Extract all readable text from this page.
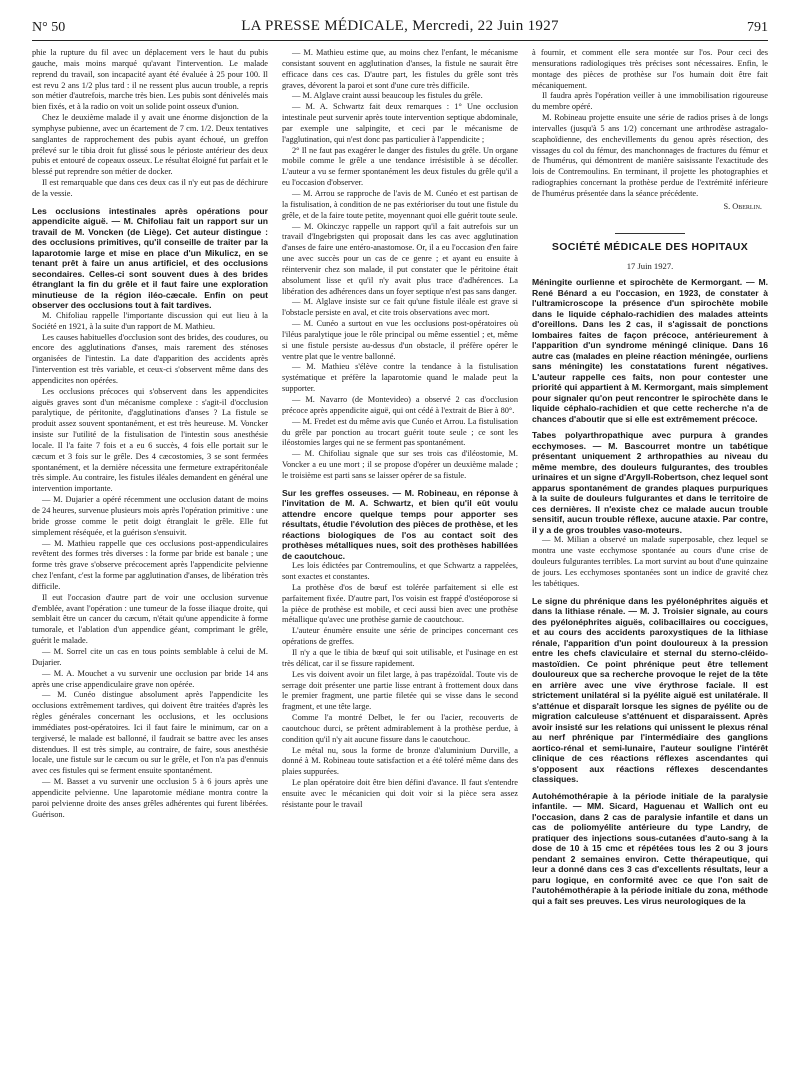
N° 50	LA PRESSE MÉDICALE, Mercredi, 22 Juin 1927	791

phie la rupture du fil avec un déplacement vers le haut du pubis gauche, mais moins marqué qu'avant l'intervention. Le malade reprend du travail, son incapacité ayant été évaluée à 25 pour 100. Il est revu 2 ans 1/2 plus tard : il ne ressent plus aucun trouble, a repris son métier d'autrefois, marche très bien. Les pubis sont dénivelés mais bien fixés, et à la radio on voit un solide point osseux d'union.

Chez le deuxième malade il y avait une énorme disjonction de la symphyse pubienne, avec un écartement de 7 cm. 1/2. Deux tentatives sanglantes de rapprochement des pubis ayant échoué, un greffon prélevé sur le tibia droit fut glissé sous le périoste antérieur des deux pubis et entouré de copeaux osseux. Le résultat éloigné fut parfait et le blessé put reprendre son métier de docker.

Il est remarquable que dans ces deux cas il n'y eut pas de déchirure de la vessie.

Les occlusions intestinales après opérations pour appendicite aiguë. — M. Chifoliau fait un rapport sur un travail de M. Voncken (de Liège). Cet auteur distingue : des occlusions primitives, qu'il conseille de traiter par la laparotomie large et mise en place d'un Mikulicz, en se tenant prêt à faire un anus artificiel, et des occlusions secondaires. Celles-ci sont souvent dues à des brides étranglant la fin du grêle et il faut faire une exploration minutieuse de la région iléo-cæcale. Enfin on peut observer des occlusions tout à fait tardives.

M. Chifoliau rappelle l'importante discussion qui eut lieu à la Société en 1921, à la suite d'un rapport de M. Mathieu.

Les causes habituelles d'occlusion sont des brides, des coudures, ou encore des agglutinations d'anses, mais rarement des sténoses organisées de l'intestin. La date d'apparition des accidents après l'intervention est très variable, et ceux-ci s'observent même dans des appendicites non opérées.

Les occlusions précoces qui s'observent dans les appendicites aiguës graves sont d'un mécanisme complexe : s'agit-il d'occlusion paralytique, de péritonite, d'agglutinations d'anses ? La fistule se produit assez souvent spontanément, et est très heureuse. M. Voncker insiste sur l'utilité de la fistulisation de l'intestin sous anesthésie locale. Il l'a faite 7 fois et a eu 6 succès, 4 fois elle portait sur le cæcum et 3 fois sur le grêle. Des 4 cæcostomies, 3 se sont fermées spontanément, et la dernière nécessita une fermeture extrapéritonéale très simple. Au contraire, les fistules iléales demandent en général une intervention importante.

— M. Dujarier a opéré récemment une occlusion datant de moins de 24 heures, survenue plusieurs mois après l'opération primitive : une bride grosse comme le petit doigt étranglait le grêle. Elle fut simplement réséquée, et la guérison s'ensuivit.

— M. Mathieu rappelle que ces occlusions post-appendiculaires revêtent des formes très diverses : la forme par bride est banale ; une forme très grave s'observe précocement après l'appendicite pelvienne chez l'enfant, c'est la forme par agglutination d'anses, de libération très difficile.

Il eut l'occasion d'autre part de voir une occlusion survenue d'emblée, avant l'opération : une tumeur de la fosse iliaque droite, qui semblait être un cancer du cæcum, n'était qu'une appendicite à forme tumorale, et l'ablation d'un appendice géant, comprimant le grêle, guérit le malade.

— M. Sorrel cite un cas en tous points semblable à celui de M. Dujarier.

— M. A. Mouchet a vu survenir une occlusion par bride 14 ans après une crise appendiculaire grave non opérée.

— M. Cunéo distingue absolument après l'appendicite les occlusions extrêmement tardives, qui doivent être traitées d'après les règles générales concernant les occlusions, et les occlusions immédiates post-opératoires. Ici il faut faire le minimum, car on a tergiversé, le malade est ballonné, il faudrait se battre avec les anses distendues. Il est très simple, au contraire, de faire, sous anesthésie locale, une fistule sur le cæcum ou sur le grêle, et l'on n'a pas d'ennuis avec ces fistules qui se ferment ensuite spontanément.

— M. Basset a vu survenir une occlusion 5 à 6 jours après une appendicite pelvienne. Une laparotomie médiane montra contre la paroi pelvienne droite des anses grêles adhérentes qui furent libérées. Guérison.

— M. Mathieu estime que, au moins chez l'enfant, le mécanisme consistant souvent en agglutination d'anses, la fistule ne saurait être efficace dans ces cas. D'autre part, les fistules du grêle sont très graves, dévorent la paroi et sont d'une cure très difficile.

— M. Alglave craint aussi beaucoup les fistules du grêle.

— M. A. Schwartz fait deux remarques : 1° Une occlusion intestinale peut survenir après toute intervention septique abdominale, par exemple une salpingite, et ceci par le mécanisme de l'agglutination, qui n'est donc pas particulier à l'appendicite ;

2° Il ne faut pas exagérer le danger des fistules du grêle. Un organe mobile comme le grêle a une tendance irrésistible à se décoller. L'auteur a vu se fermer spontanément les deux fistules du grêle qu'il a eu l'occasion d'observer.

— M. Arrou se rapproche de l'avis de M. Cunéo et est partisan de la fistulisation, à condition de ne pas extérioriser du tout une fistule du grêle, et de la faire toute petite, moyennant quoi elle guérit toute seule.

— M. Okinczyc rappelle un rapport qu'il a fait autrefois sur un travail d'Ingebrigsten qui proposait dans les cas avec agglutination d'anses de faire une entéro-anastomose. Or, il a eu l'occasion d'en faire une avec succès pour un cas de ce genre ; et ayant eu ensuite à réintervenir chez son malade, il put constater que le péritoine était absolument lisse et qu'il n'y avait plus trace d'adhérences. La libération des adhérences dans un foyer septique n'est pas sans danger.

— M. Alglave insiste sur ce fait qu'une fistule iléale est grave si l'obstacle persiste en aval, et cite trois observations avec mort.

— M. Cunéo a surtout en vue les occlusions post-opératoires où l'iléus paralytique joue le rôle principal ou même essentiel ; et, même si une fistule persiste au-dessus d'un obstacle, il préfère opérer le ventre plat que le ventre ballonné.

— M. Mathieu s'élève contre la tendance à la fistulisation systématique et préfère la laparotomie quand le malade peut la supporter.

— M. Navarro (de Montevideo) a observé 2 cas d'occlusion précoce après appendicite aiguë, qui ont cédé à l'extrait de Bier à 80°.

— M. Fredet est du même avis que Cunéo et Arrou. La fistulisation du grêle par ponction au trocart guérit toute seule ; ce sont les iléostomies larges qui ne se ferment pas spontanément.

— M. Chifoliau signale que sur ses trois cas d'iléostomie, M. Voncker a eu une mort ; il se propose d'opérer un deuxième malade ; le troisième est parti sans se laisser opérer de sa fistule.

Sur les greffes osseuses. — M. Robineau, en réponse à l'invitation de M. A. Schwartz, et bien qu'il eût voulu attendre encore quelque temps pour apporter ses résultats, étudie l'évolution des pièces de prothèse, et les réactions biologiques de l'os au contact soit des prothèses métalliques nues, soit des prothèses habillées de caoutchouc.

Les lois édictées par Contremoulins, et que Schwartz a rappelées, sont exactes et constantes.

La prothèse d'os de bœuf est tolérée parfaitement si elle est parfaitement fixée. D'autre part, l'os voisin est frappé d'ostéoporose si la pièce de prothèse est mobile, et ceci aussi bien avec une prothèse métallique qu'avec une prothèse garnie de caoutchouc.

L'auteur énumère ensuite une série de principes concernant ces opérations de greffes.

Il n'y a que le tibia de bœuf qui soit utilisable, et l'usinage en est très délicat, car il se fissure rapidement.

Les vis doivent avoir un filet large, à pas trapézoïdal. Toute vis de serrage doit présenter une partie lisse entrant à frottement doux dans le premier fragment, une partie filetée qui se visse dans le second fragment, et une tête large.

Comme l'a montré Delbet, le fer ou l'acier, recouverts de caoutchouc durci, se prêtent admirablement à la prothèse perdue, à condition qu'il n'y ait aucune fissure dans le caoutchouc.

Le métal nu, sous la forme de bronze d'aluminium Durville, a donné à M. Robineau toute satisfaction et a été toléré même dans des plaies suppurées.

Le plan opératoire doit être bien défini d'avance. Il faut s'entendre ensuite avec le mécanicien qui doit voir si la pièce sera assez résistante pour le travail

à fournir, et comment elle sera montée sur l'os. Pour ceci des mensurations radiologiques très précises sont nécessaires. Enfin, le montage des pièces de prothèse sur l'os humain doit être fait mécaniquement.

Il faudra après l'opération veiller à une immobilisation rigoureuse du membre opéré.

M. Robineau projette ensuite une série de radios prises à de longs intervalles (jusqu'à 5 ans 1/2) concernant une arthrodèse astragalo-scaphoïdienne, des enchevillements du genou après résection, des vissages du col du fémur, des manchonnages de fractures du fémur et de l'humérus, qui démontrent de manière saisissante l'exactitude des lois de Contremoulins. En terminant, il projette les photographies et radiographies concernant la prothèse perdue de l'extrémité inférieure de l'humérus présentée dans la séance précédente.

S. Oberlin.
SOCIÉTÉ MÉDICALE DES HOPITAUX
17 Juin 1927.
Méningite ourlienne et spirochète de Kermorgant. — M. René Bénard a eu l'occasion, en 1923, de constater à l'ultramicroscope la présence d'un spirochète mobile dans le liquide céphalo-rachidien des malades atteints d'oreillons. Dans les 2 cas, il s'agissait de ponctions lombaires faites de façon précoce, antérieurement à l'apparition d'un syndrome méningé clinique. Dans 16 autre cas (malades en pleine réaction méningée, ourliens sans méningite) les constatations furent négatives. L'auteur rappelle ces faits, non pour contester une priorité qui appartient à M. Kermorgant, mais simplement pour signaler qu'on peut rencontrer le spirochète dans le liquide céphalo-rachidien et que cette recherche n'a de chances d'aboutir que si elle est extrêmement précoce.
Tabes polyarthropathique avec purpura à grandes ecchymoses. — M. Bascourret montre un tabétique présentant uniquement 2 arthropathies au niveau du même membre, des douleurs fulgurantes, des troubles urinaires et un signe d'Argyll-Robertson, chez lequel sont apparus spontanément de grandes plaques purpuriques à la suite de douleurs fulgurantes et dans le territoire de ces dernières. Il n'existe chez ce malade aucun trouble sensitif, aucun trouble réflexe, aucune ataxie. Par contre, il y a de gros troubles vaso-moteurs.

— M. Milian a observé un malade superposable, chez lequel se montra une vaste ecchymose spontanée au cours d'une crise de douleurs fulgurantes terribles. La mort survint au bout d'une quinzaine de jours. Les ecchymoses spontanées sont un indice de gravité chez les tabétiques.

Le signe du phrénique dans les pyélonéphrites aiguës et dans la lithiase rénale. — M. J. Troisier signale, au cours des pyélonéphrites aiguës, colibacillaires ou coccigues, et au cours des accidents paroxystiques de la lithiase rénale, l'apparition d'un point douloureux à la pression entre les chefs claviculaire et sternal du sterno-cléido-mastoïdien. Ce point phrénique peut être tellement douloureux que sa recherche provoque le rejet de la tête en arrière avec une vive érythrose faciale. Il est strictement unilatéral si la pyélite aiguë est unilatérale. Il s'atténue et disparaît lorsque les signes de pyélite ou de migration calculeuse s'atténuent et disparaissent. Après avoir insisté sur les relations qui unissent le plexus rénal au nerf phrénique par l'intermédiaire des ganglions aortico-rénal et semi-lunaire, l'auteur souligne l'intérêt clinique de ces réactions réflexes ascendantes qui s'opposent aux réactions réflexes descendantes classiques.
Autohémothérapie à la période initiale de la paralysie infantile. — MM. Sicard, Haguenau et Wallich ont eu l'occasion, dans 2 cas de paralysie infantile et dans un cas de poliomyélite antérieure du type Landry, de pratiquer des injections sous-cutanées d'auto-sang à la dose de 10 à 15 cmc et répétées tous les 2 ou 3 jours pendant 2 semaines environ. Cette thérapeutique, qui leur a donné dans ces 3 cas d'excellents résultats, leur a paru logique, en conformité avec ce que l'on sait de l'autohémothérapie à la période initiale du zona, méthode qui a fait ses preuves. Les virus neurologiques de la
